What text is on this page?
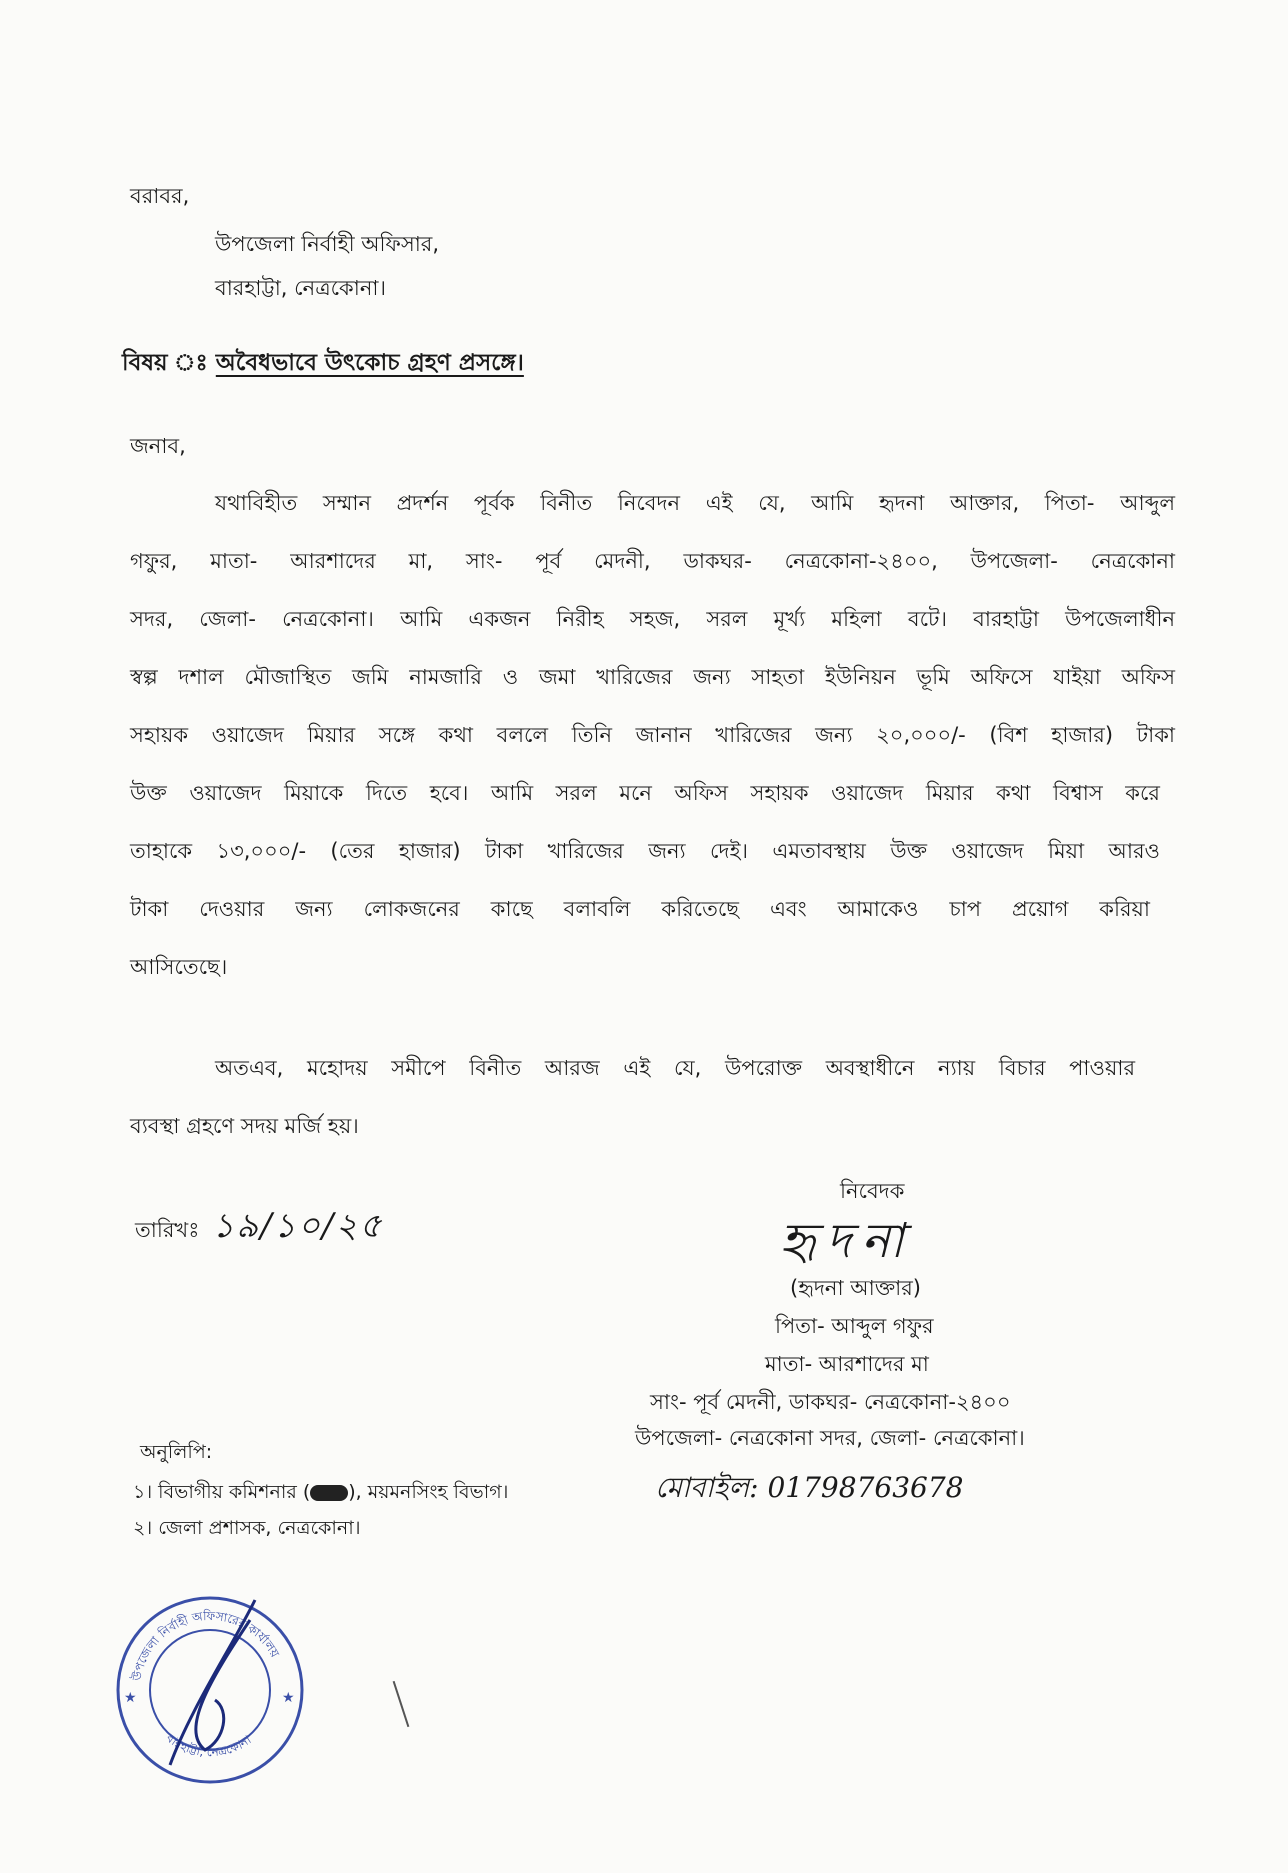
বরাবর,
উপজেলা নির্বাহী অফিসার,
বারহাট্টা, নেত্রকোনা।
বিষয় ঃ অবৈধভাবে উৎকোচ গ্রহণ প্রসঙ্গে।
জনাব,
যথাবিহীত সম্মান প্রদর্শন পূর্বক বিনীত নিবেদন এই যে, আমি হৃদনা আক্তার, পিতা- আব্দুল
গফুর, মাতা- আরশাদের মা, সাং- পূর্ব মেদনী, ডাকঘর- নেত্রকোনা-২৪০০, উপজেলা- নেত্রকোনা
সদর, জেলা- নেত্রকোনা। আমি একজন নিরীহ সহজ, সরল মূর্খ্য মহিলা বটে। বারহাট্টা উপজেলাধীন
স্বল্প দশাল মৌজাস্থিত জমি নামজারি ও জমা খারিজের জন্য সাহতা ইউনিয়ন ভূমি অফিসে যাইয়া অফিস
সহায়ক ওয়াজেদ মিয়ার সঙ্গে কথা বললে তিনি জানান খারিজের জন্য ২০,০০০/- (বিশ হাজার) টাকা
উক্ত ওয়াজেদ মিয়াকে দিতে হবে। আমি সরল মনে অফিস সহায়ক ওয়াজেদ মিয়ার কথা বিশ্বাস করে
তাহাকে ১৩,০০০/- (তের হাজার) টাকা খারিজের জন্য দেই। এমতাবস্থায় উক্ত ওয়াজেদ মিয়া আরও
টাকা দেওয়ার জন্য লোকজনের কাছে বলাবলি করিতেছে এবং আমাকেও চাপ প্রয়োগ করিয়া
আসিতেছে।
অতএব, মহোদয় সমীপে বিনীত আরজ এই যে, উপরোক্ত অবস্থাধীনে ন্যায় বিচার পাওয়ার
ব্যবস্থা গ্রহণে সদয় মর্জি হয়।
তারিখঃ ১৯/১০/২৫
নিবেদক
হৃদনা
(হৃদনা আক্তার)
পিতা- আব্দুল গফুর
মাতা- আরশাদের মা
সাং- পূর্ব মেদনী, ডাকঘর- নেত্রকোনা-২৪০০
উপজেলা- নেত্রকোনা সদর, জেলা- নেত্রকোনা।
মোবাইল: 01798763678
অনুলিপি:
১। বিভাগীয় কমিশনার ( ), ময়মনসিংহ বিভাগ।
২। জেলা প্রশাসক, নেত্রকোনা।
উপজেলা নির্বাহী অফিসারের কার্যালয়
বারহাট্টা, নেত্রকোনা
★	★
